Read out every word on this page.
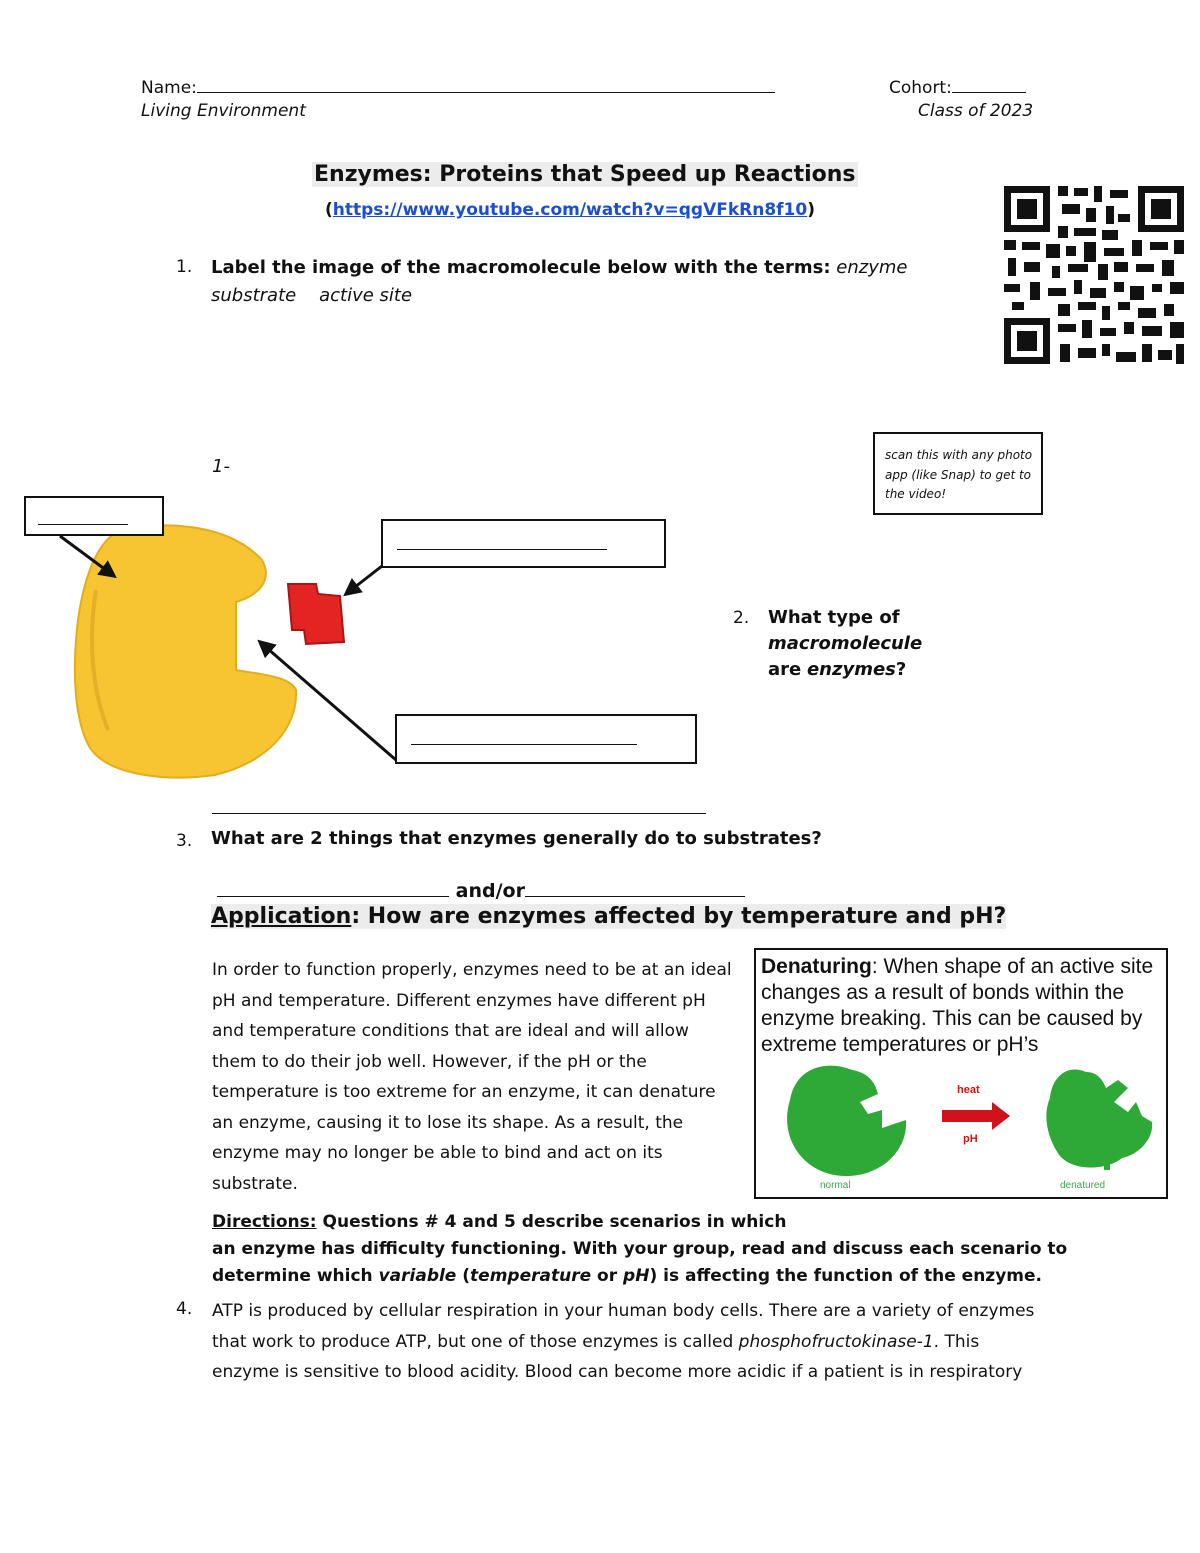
Name:	Cohort:
Living Environment	Class of 2023
Enzymes: Proteins that Speed up Reactions
(https://www.youtube.com/watch?v=qgVFkRn8f10)
scan this with any photo app (like Snap) to get to the video!
1. Label the image of the macromolecule below with the terms: enzyme
substrate active site
1-
2. What type of macromolecule
are enzymes?
3. What are 2 things that enzymes generally do to substrates?
and/or
Application: How are enzymes affected by temperature and pH?
In order to function properly, enzymes need to be at an ideal
pH and temperature. Different enzymes have different pH
and temperature conditions that are ideal and will allow
them to do their job well. However, if the pH or the
temperature is too extreme for an enzyme, it can denature
an enzyme, causing it to lose its shape. As a result, the
enzyme may no longer be able to bind and act on its
substrate.
Denaturing: When shape of an active site
changes as a result of bonds within the
enzyme breaking. This can be caused by
extreme temperatures or pH’s
heat
pH
normal	denatured
Directions: Questions # 4 and 5 describe scenarios in which
an enzyme has difficulty functioning. With your group, read and discuss each scenario to
determine which variable (temperature or pH) is affecting the function of the enzyme.
4. ATP is produced by cellular respiration in your human body cells. There are a variety of enzymes
that work to produce ATP, but one of those enzymes is called phosphofructokinase-1. This
enzyme is sensitive to blood acidity. Blood can become more acidic if a patient is in respiratory
